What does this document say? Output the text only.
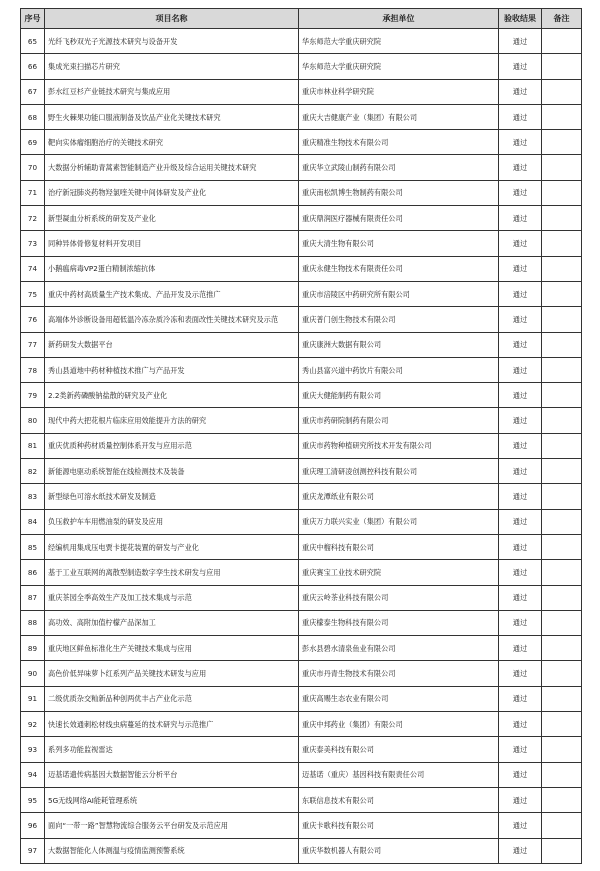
序号	项目名称	承担单位	验收结果	备注
65	光纤飞秒双光子光源技术研究与设备开发	华东师范大学重庆研究院	通过	
66	集成光束扫描芯片研究	华东师范大学重庆研究院	通过	
67	彭水红豆杉产业链技术研究与集成应用	重庆市林业科学研究院	通过	
68	野生火棘果功能口服液制备及饮品产业化关键技术研究	重庆大吉健康产业（集团）有限公司	通过	
69	靶向实体瘤细胞治疗的关键技术研究	重庆精准生物技术有限公司	通过	
70	大数据分析辅助青蒿素智能制造产业升级及综合运用关键技术研究	重庆华立武陵山制药有限公司	通过	
71	治疗新冠肺炎药物羟氯喹关键中间体研发及产业化	重庆南松凯博生物制药有限公司	通过	
72	新型凝血分析系统的研发及产业化	重庆鼎润医疗器械有限责任公司	通过	
73	同种异体骨修复材料开发项目	重庆大清生物有限公司	通过	
74	小鹅瘟病毒VP2蛋白精制浓缩抗体	重庆永健生物技术有限责任公司	通过	
75	重庆中药材高质量生产技术集成、产品开发及示范推广	重庆市涪陵区中药研究所有限公司	通过	
76	高端体外诊断设备用超低温冷冻杂质冷冻和表面改性关键技术研究及示范	重庆普门创生物技术有限公司	通过	
77	新药研发大数据平台	重庆康洲大数据有限公司	通过	
78	秀山县道地中药材种植技术推广与产品开发	秀山县富兴道中药饮片有限公司	通过	
79	2.2类新药磷酸钠盐散的研究及产业化	重庆大健能制药有限公司	通过	
80	现代中药大把花根片临床应用效能提升方法的研究	重庆市药研院制药有限公司	通过	
81	重庆优质种药材质量控制体系开发与应用示范	重庆市药物种植研究所技术开发有限公司	通过	
82	新能源电驱动系统智能在线检测技术及装备	重庆理工清研凌创测控科技有限公司	通过	
83	新型绿色可溶水纸技术研发及制造	重庆龙潭纸业有限公司	通过	
84	负压救护车车用燃油泵的研发及应用	重庆万力联兴实业（集团）有限公司	通过	
85	经编机用集成压电贾卡提花装置的研发与产业化	重庆中榴科技有限公司	通过	
86	基于工业互联网的离散型制造数字孪生技术研发与应用	重庆赛宝工业技术研究院	通过	
87	重庆茶园全季高效生产及加工技术集成与示范	重庆云岭茶业科技有限公司	通过	
88	高功效、高附加值柠檬产品深加工	重庆檬泰生物科技有限公司	通过	
89	重庆地区鲜鱼标准化生产关键技术集成与应用	彭水县碧水清泉鱼业有限公司	通过	
90	高色价低异味萝卜红系列产品关键技术研发与应用	重庆市丹青生物技术有限公司	通过	
91	二级优质杂交籼新品种创两优丰占产业化示范	重庆高赐生态农业有限公司	通过	
92	快速长效通刺松材线虫病蔓延的技术研究与示范推广	重庆中邦药业（集团）有限公司	通过	
93	系列多功能监视雷达	重庆泰美科技有限公司	通过	
94	迈基诺遗传病基因大数据智能云分析平台	迈基诺（重庆）基因科技有限责任公司	通过	
95	5G无线网络AI能耗管理系统	东联信息技术有限公司	通过	
96	面向“一带一路”智慧物流综合服务云平台研发及示范应用	重庆卡歌科技有限公司	通过	
97	大数据智能化人体测温与疫情监测预警系统	重庆华数机器人有限公司	通过	
